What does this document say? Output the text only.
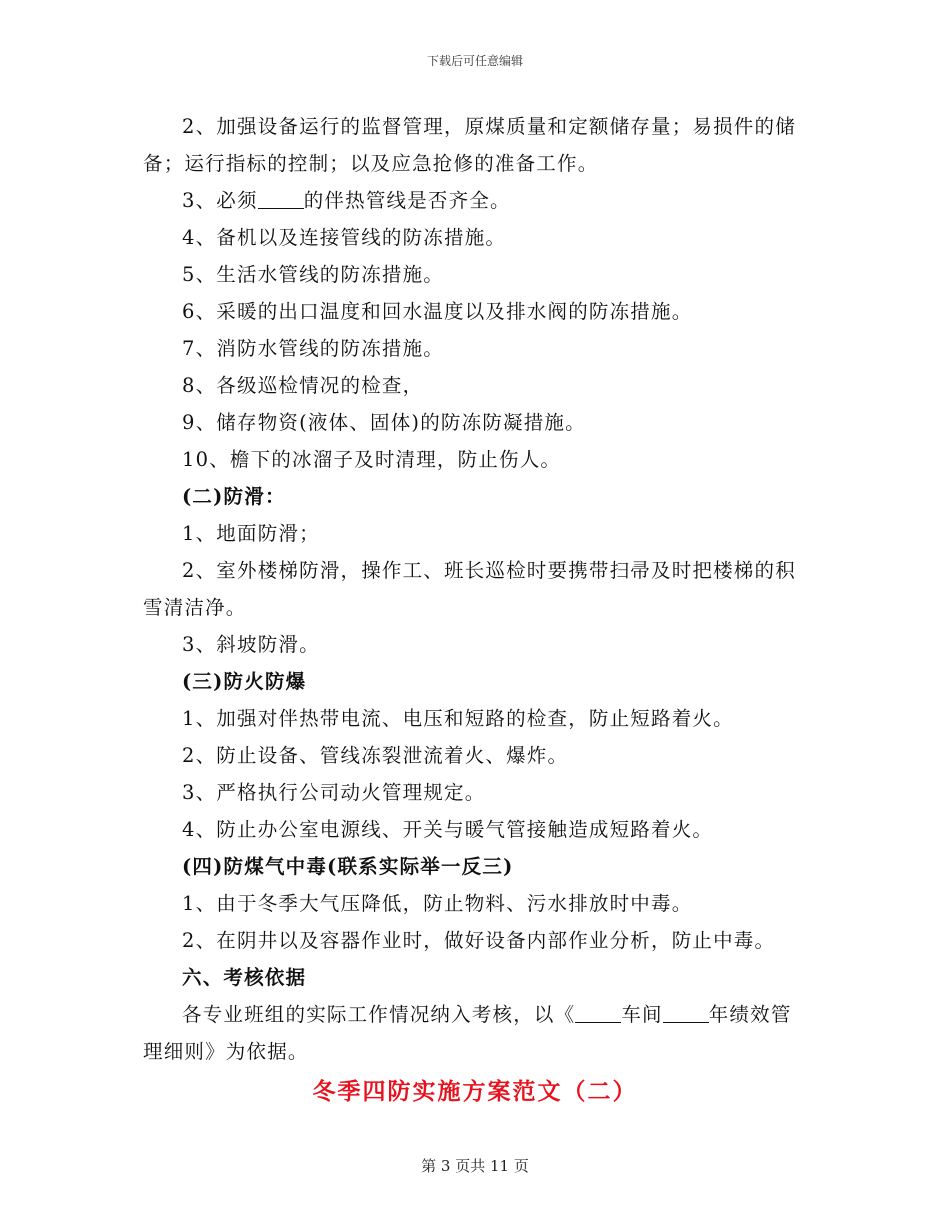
下载后可任意编辑

2、加强设备运行的监督管理，原煤质量和定额储存量；易损件的储备；运行指标的控制；以及应急抢修的准备工作。

3、必须 的伴热管线是否齐全。

4、备机以及连接管线的防冻措施。

5、生活水管线的防冻措施。

6、采暖的出口温度和回水温度以及排水阀的防冻措施。

7、消防水管线的防冻措施。

8、各级巡检情况的检查，

9、储存物资(液体、固体)的防冻防凝措施。

10、檐下的冰溜子及时清理，防止伤人。

(二)防滑：

1、地面防滑；

2、室外楼梯防滑，操作工、班长巡检时要携带扫帚及时把楼梯的积雪清洁净。

3、斜坡防滑。

(三)防火防爆

1、加强对伴热带电流、电压和短路的检查，防止短路着火。

2、防止设备、管线冻裂泄流着火、爆炸。

3、严格执行公司动火管理规定。

4、防止办公室电源线、开关与暖气管接触造成短路着火。

(四)防煤气中毒(联系实际举一反三)

1、由于冬季大气压降低，防止物料、污水排放时中毒。

2、在阴井以及容器作业时，做好设备内部作业分析，防止中毒。

六、考核依据

各专业班组的实际工作情况纳入考核，以《 车间 年绩效管理细则》为依据。

冬季四防实施方案范文（二）
第 3 页共 11 页
